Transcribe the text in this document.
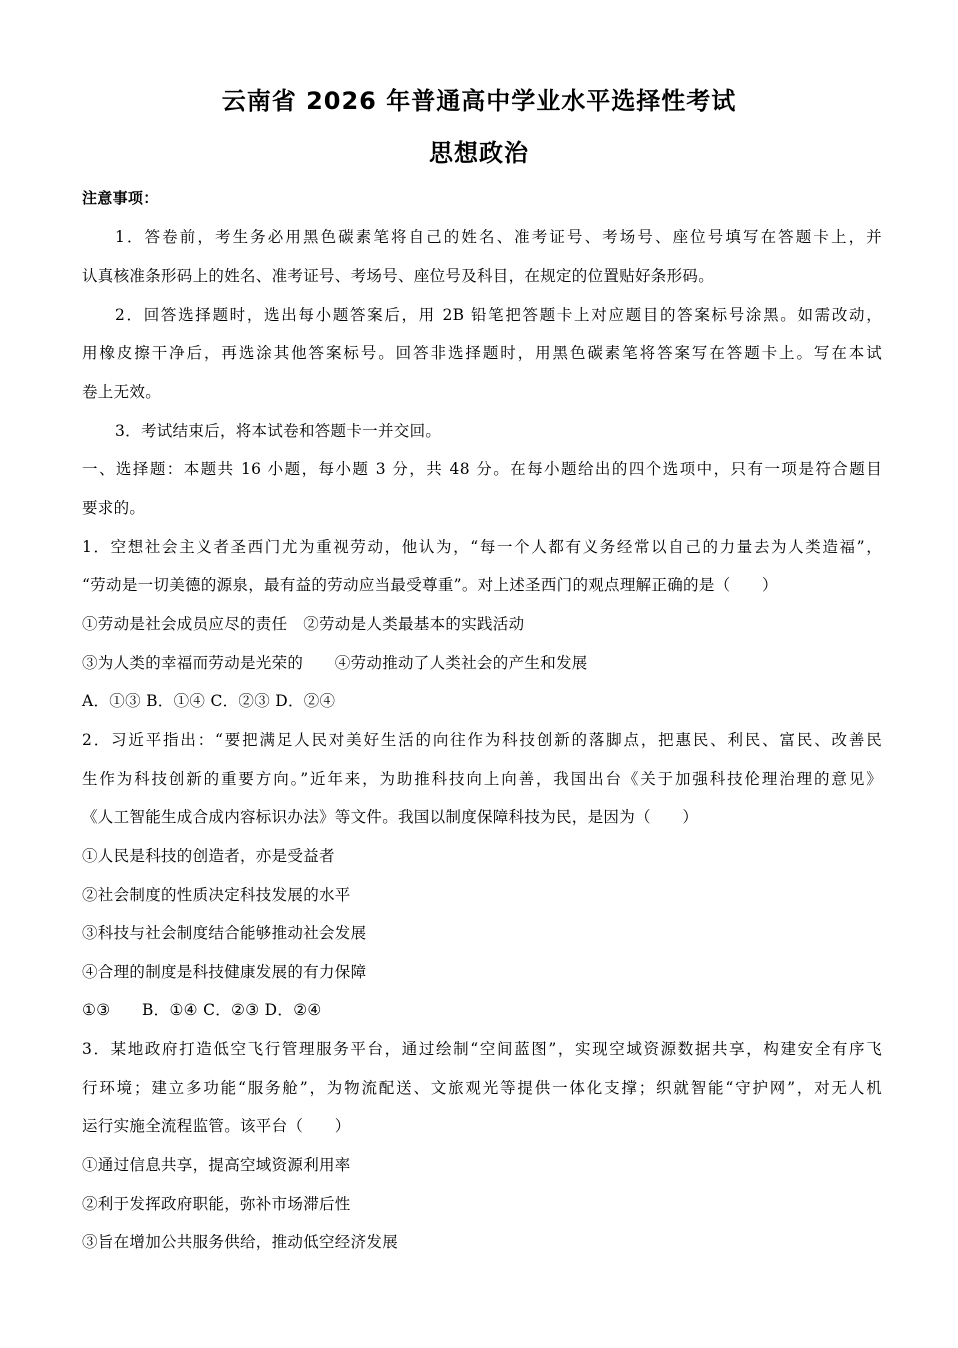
云南省 2026 年普通高中学业水平选择性考试
思想政治
注意事项：
1．答卷前，考生务必用黑色碳素笔将自己的姓名、准考证号、考场号、座位号填写在答题卡上，并
认真核准条形码上的姓名、准考证号、考场号、座位号及科目，在规定的位置贴好条形码。
2．回答选择题时，选出每小题答案后，用 2B 铅笔把答题卡上对应题目的答案标号涂黑。如需改动，
用橡皮擦干净后，再选涂其他答案标号。回答非选择题时，用黑色碳素笔将答案写在答题卡上。写在本试
卷上无效。
3．考试结束后，将本试卷和答题卡一并交回。
一、选择题：本题共 16 小题，每小题 3 分，共 48 分。在每小题给出的四个选项中，只有一项是符合题目
要求的。
1．空想社会主义者圣西门尤为重视劳动，他认为，“每一个人都有义务经常以自己的力量去为人类造福”，
“劳动是一切美德的源泉，最有益的劳动应当最受尊重”。对上述圣西门的观点理解正确的是（　　）
①劳动是社会成员应尽的责任　②劳动是人类最基本的实践活动
③为人类的幸福而劳动是光荣的　　④劳动推动了人类社会的产生和发展
A．①③ B．①④ C．②③ D．②④
2．习近平指出：“要把满足人民对美好生活的向往作为科技创新的落脚点，把惠民、利民、富民、改善民
生作为科技创新的重要方向。”近年来，为助推科技向上向善，我国出台《关于加强科技伦理治理的意见》
《人工智能生成合成内容标识办法》等文件。我国以制度保障科技为民，是因为（　　）
①人民是科技的创造者，亦是受益者
②社会制度的性质决定科技发展的水平
③科技与社会制度结合能够推动社会发展
④合理的制度是科技健康发展的有力保障
①③　　B．①④ C．②③ D．②④
3．某地政府打造低空飞行管理服务平台，通过绘制“空间蓝图”，实现空域资源数据共享，构建安全有序飞
行环境；建立多功能“服务舱”，为物流配送、文旅观光等提供一体化支撑；织就智能“守护网”，对无人机
运行实施全流程监管。该平台（　　）
①通过信息共享，提高空域资源利用率
②利于发挥政府职能，弥补市场滞后性
③旨在增加公共服务供给，推动低空经济发展
